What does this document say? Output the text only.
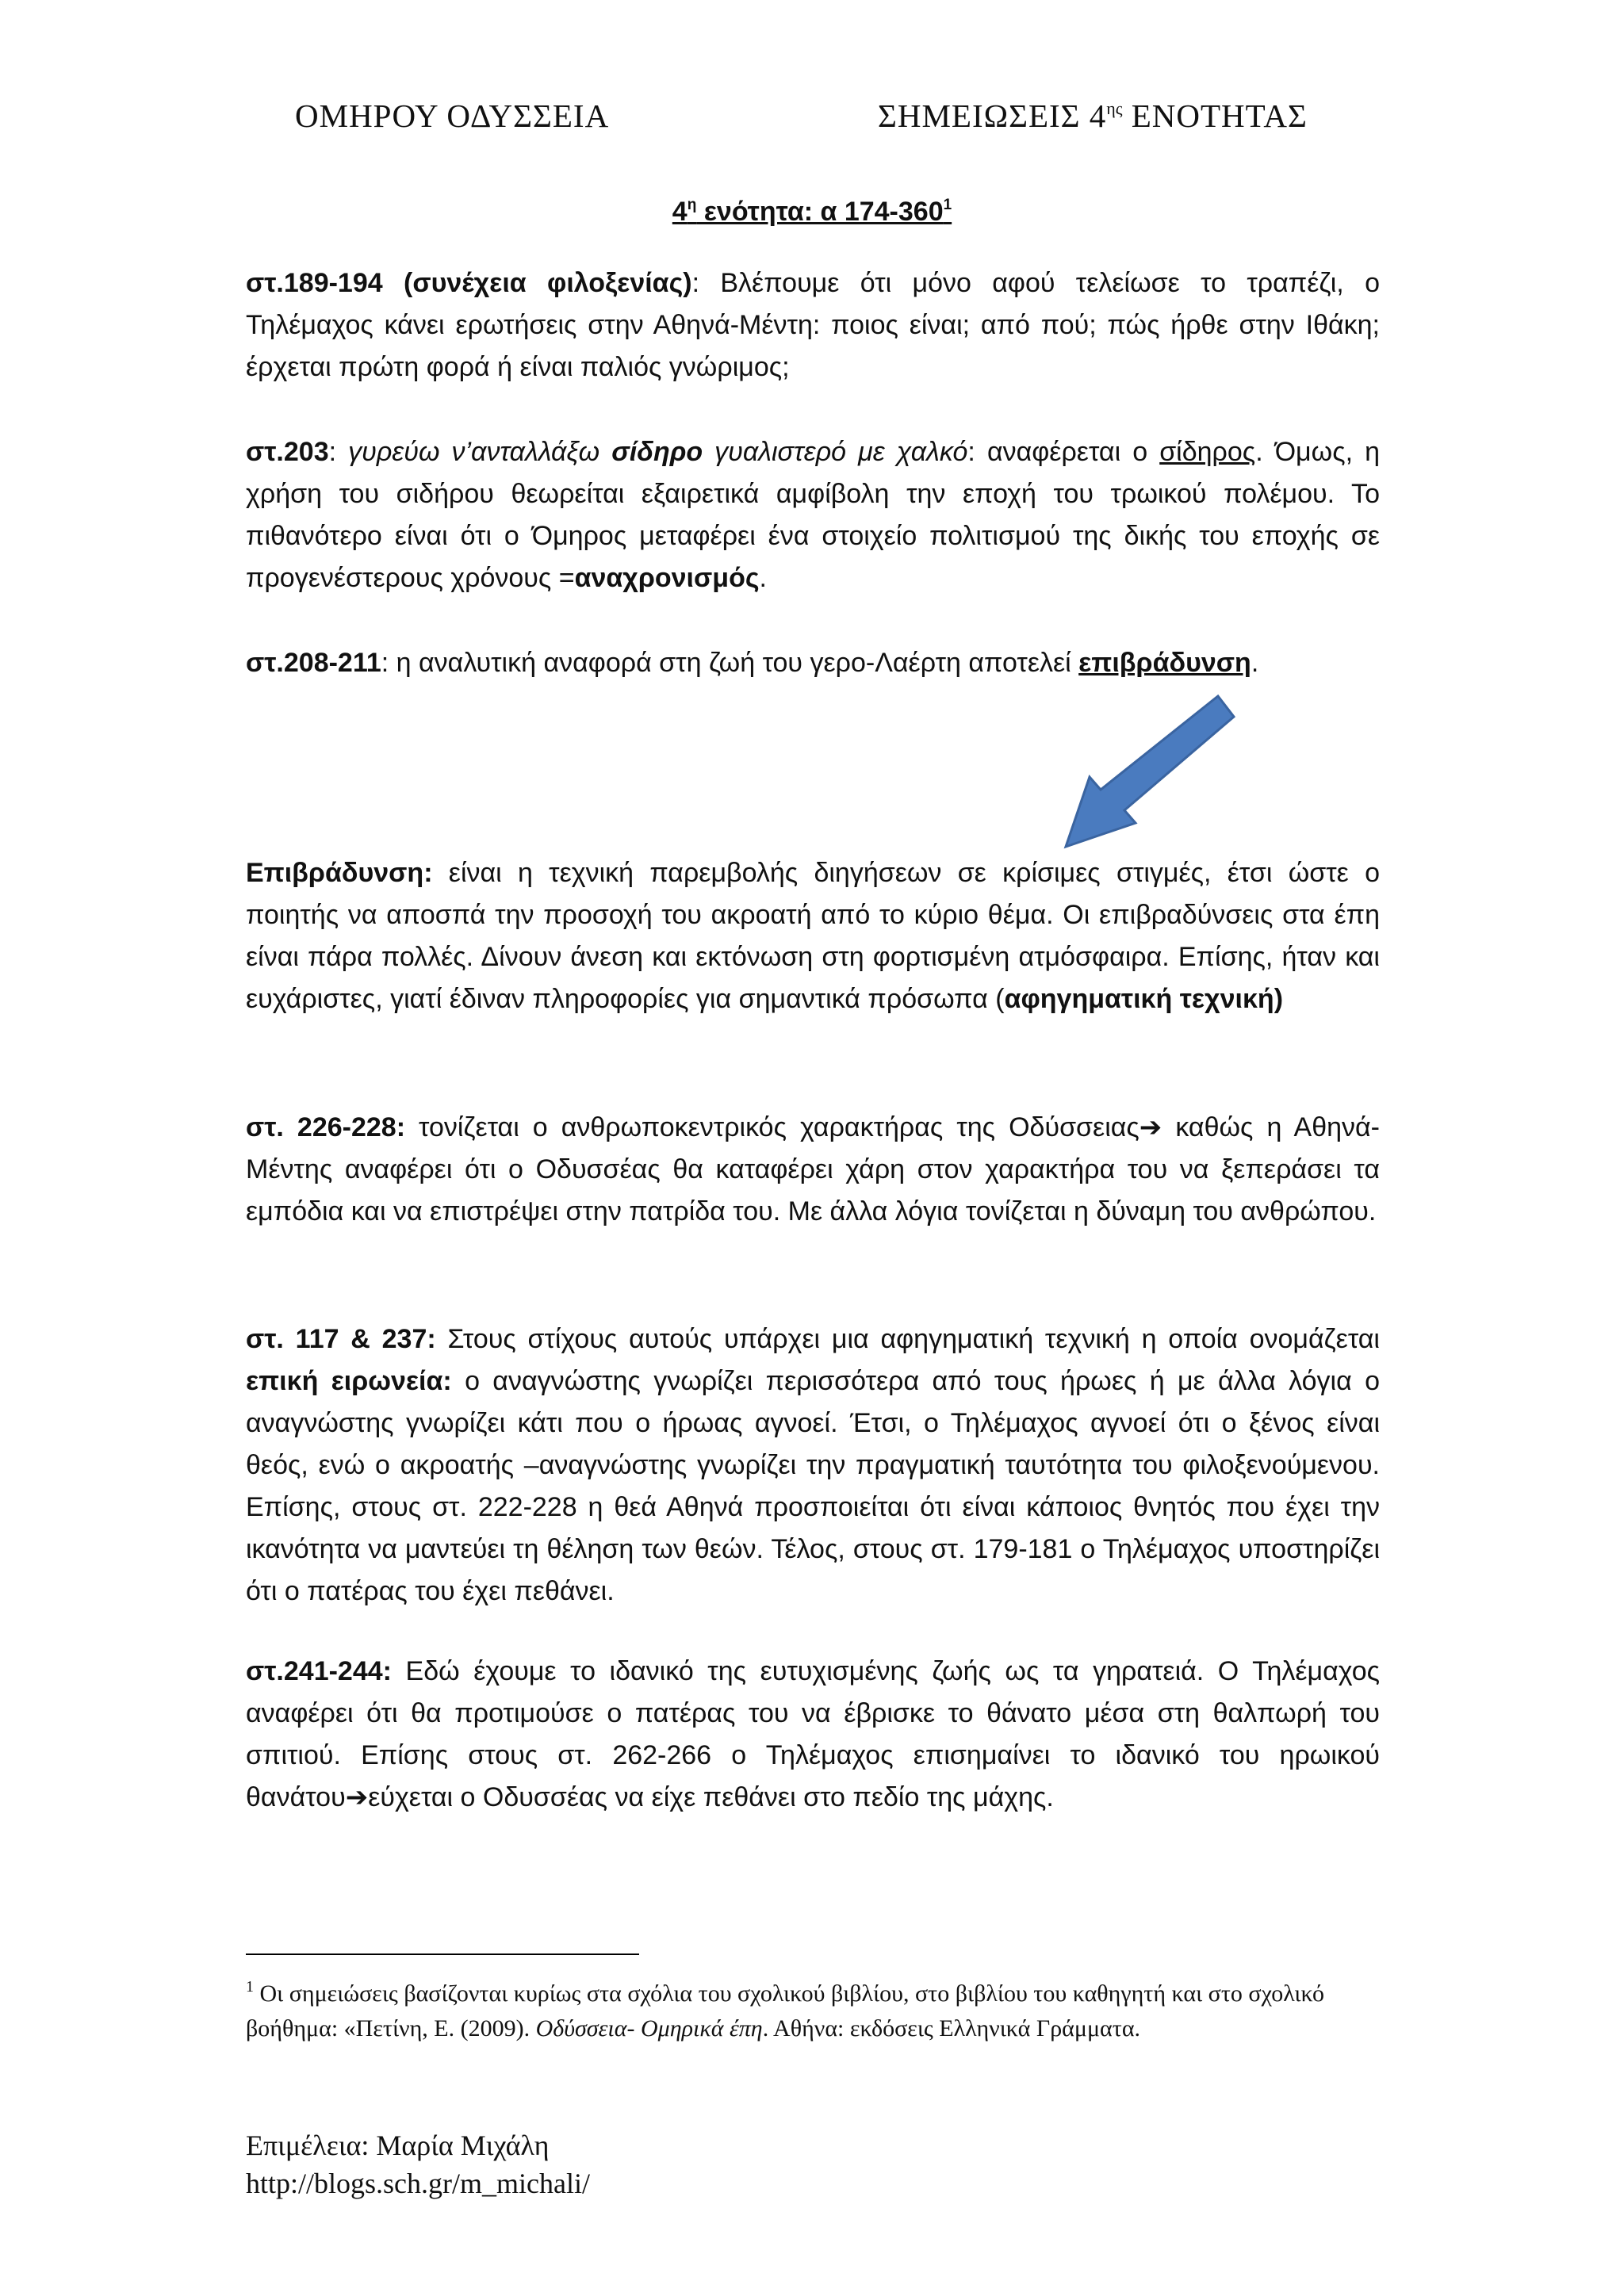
ΟΜΗΡΟΥ ΟΔΥΣΣΕΙΑ	ΣΗΜΕΙΩΣΕΙΣ $4^{\eta\varsigma}$ ΕΝΟΤΗΤΑΣ
$4^\eta$ ενότητα: α $174-360^1$

στ.189-194 (συνέχεια φιλοξενίας): Βλέπουμε ότι μόνο αφού τελείωσε το τραπέζι, ο Τηλέμαχος κάνει ερωτήσεις στην Αθηνά-Μέντη: ποιος είναι; από πού; πώς ήρθε στην Ιθάκη; έρχεται πρώτη φορά ή είναι παλιός γνώριμος;

στ.203: γυρεύω ν’ανταλλάξω σίδηρο γυαλιστερό με χαλκό: αναφέρεται ο σίδηρος. Όμως, η χρήση του σιδήρου θεωρείται εξαιρετικά αμφίβολη την εποχή του τρωικού πολέμου. Το πιθανότερο είναι ότι ο Όμηρος μεταφέρει ένα στοιχείο πολιτισμού της δικής του εποχής σε προγενέστερους χρόνους =αναχρονισμός.

στ.208-211: η αναλυτική αναφορά στη ζωή του γερο-Λαέρτη αποτελεί επιβράδυνση.

Επιβράδυνση: είναι η τεχνική παρεμβολής διηγήσεων σε κρίσιμες στιγμές, έτσι ώστε ο ποιητής να αποσπά την προσοχή του ακροατή από το κύριο θέμα. Οι επιβραδύνσεις στα έπη είναι πάρα πολλές. Δίνουν άνεση και εκτόνωση στη φορτισμένη ατμόσφαιρα. Επίσης, ήταν και ευχάριστες, γιατί έδιναν πληροφορίες για σημαντικά πρόσωπα (αφηγηματική τεχνική)

στ. 226-228: τονίζεται ο ανθρωποκεντρικός χαρακτήρας της Οδύσσειας➔ καθώς η Αθηνά-Μέντης αναφέρει ότι ο Οδυσσέας θα καταφέρει χάρη στον χαρακτήρα του να ξεπεράσει τα εμπόδια και να επιστρέψει στην πατρίδα του. Με άλλα λόγια τονίζεται η δύναμη του ανθρώπου.

στ. 117 & 237: Στους στίχους αυτούς υπάρχει μια αφηγηματική τεχνική η οποία ονομάζεται επική ειρωνεία: ο αναγνώστης γνωρίζει περισσότερα από τους ήρωες ή με άλλα λόγια ο αναγνώστης γνωρίζει κάτι που ο ήρωας αγνοεί. Έτσι, ο Τηλέμαχος αγνοεί ότι ο ξένος είναι θεός, ενώ ο ακροατής –αναγνώστης γνωρίζει την πραγματική ταυτότητα του φιλοξενούμενου. Επίσης, στους στ. 222-228 η θεά Αθηνά προσποιείται ότι είναι κάποιος θνητός που έχει την ικανότητα να μαντεύει τη θέληση των θεών. Τέλος, στους στ. 179-181 ο Τηλέμαχος υποστηρίζει ότι ο πατέρας του έχει πεθάνει.

στ.241-244: Εδώ έχουμε το ιδανικό της ευτυχισμένης ζωής ως τα γηρατειά. Ο Τηλέμαχος αναφέρει ότι θα προτιμούσε ο πατέρας του να έβρισκε το θάνατο μέσα στη θαλπωρή του σπιτιού. Επίσης στους στ. 262-266 ο Τηλέμαχος επισημαίνει το ιδανικό του ηρωικού θανάτου➔εύχεται ο Οδυσσέας να είχε πεθάνει στο πεδίο της μάχης.

$^1$ Οι σημειώσεις βασίζονται κυρίως στα σχόλια του σχολικού βιβλίου, στο βιβλίου του καθηγητή και στο σχολικό βοήθημα: «Πετίνη, Ε. (2009). Οδύσσεια- Ομηρικά έπη. Αθήνα: εκδόσεις Ελληνικά Γράμματα.

Επιμέλεια: Μαρία Μιχάλη
http://blogs.sch.gr/m_michali/
